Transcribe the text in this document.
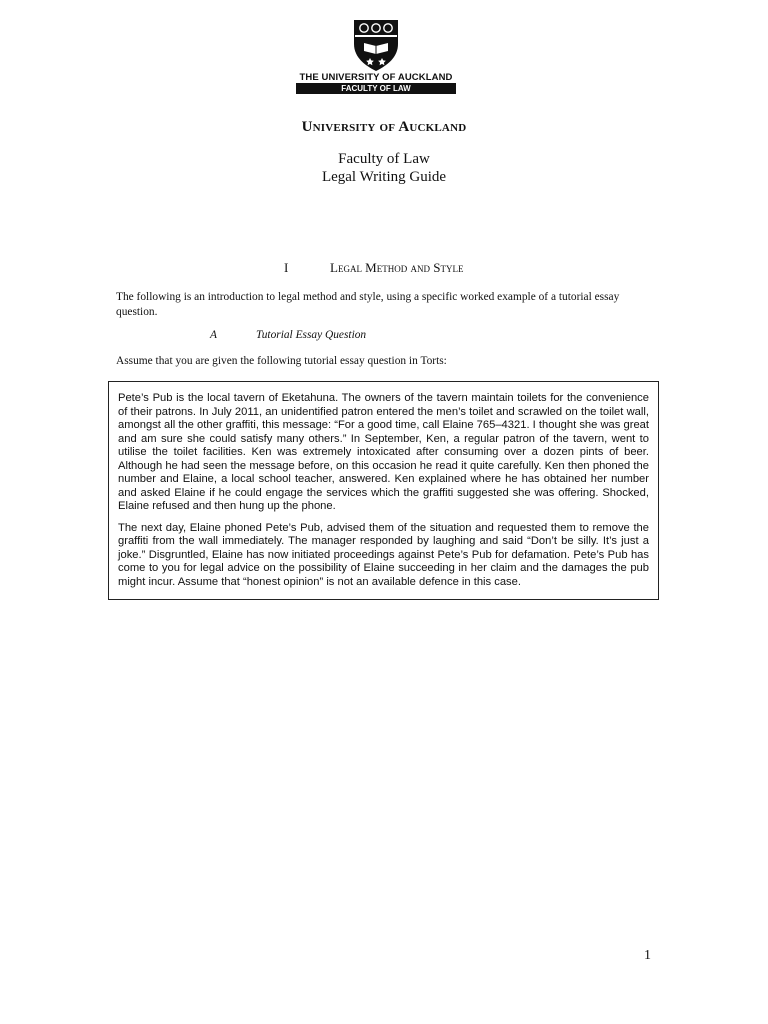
THE UNIVERSITY OF AUCKLAND
FACULTY OF LAW
University of Auckland
Faculty of Law
Legal Writing Guide
I	Legal Method and Style
The following is an introduction to legal method and style, using a specific worked example of a tutorial essay question.
A	Tutorial Essay Question
Assume that you are given the following tutorial essay question in Torts:

Pete’s Pub is the local tavern of Eketahuna. The owners of the tavern maintain toilets for the convenience of their patrons. In July 2011, an unidentified patron entered the men’s toilet and scrawled on the toilet wall, amongst all the other graffiti, this message: “For a good time, call Elaine 765–4321. I thought she was great and am sure she could satisfy many others.” In September, Ken, a regular patron of the tavern, went to utilise the toilet facilities. Ken was extremely intoxicated after consuming over a dozen pints of beer. Although he had seen the message before, on this occasion he read it quite carefully. Ken then phoned the number and Elaine, a local school teacher, answered. Ken explained where he has obtained her number and asked Elaine if he could engage the services which the graffiti suggested she was offering. Shocked, Elaine refused and then hung up the phone.

The next day, Elaine phoned Pete’s Pub, advised them of the situation and requested them to remove the graffiti from the wall immediately. The manager responded by laughing and said “Don’t be silly. It’s just a joke.” Disgruntled, Elaine has now initiated proceedings against Pete’s Pub for defamation. Pete’s Pub has come to you for legal advice on the possibility of Elaine succeeding in her claim and the damages the pub might incur. Assume that “honest opinion” is not an available defence in this case.

1
